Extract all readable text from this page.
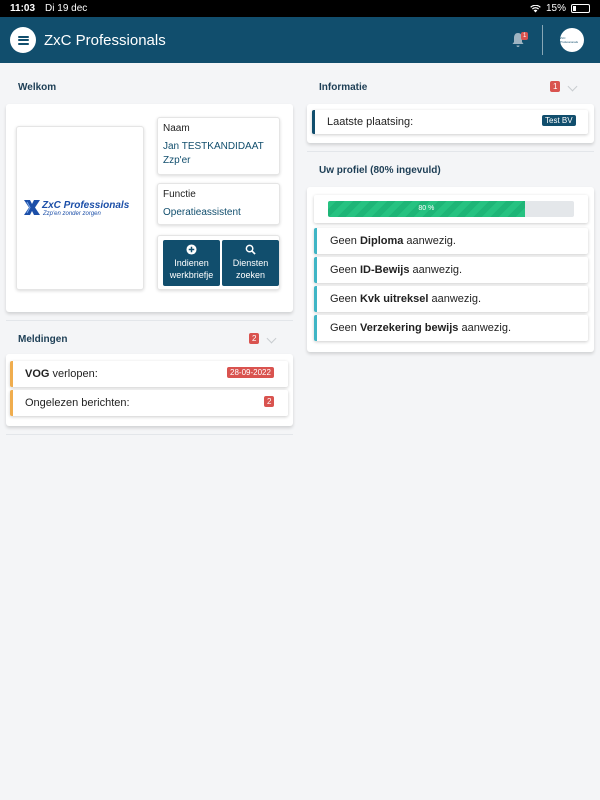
11:03 Di 19 dec	15%
ZxC Professionals	1	ZxC Professionals
Welkom
ZxC Professionals
Zzp'en zonder zorgen
Naam
Jan TESTKANDIDAAT
Zzp'er
Functie
Operatieassistent
Indienen
werkbriefje
Diensten
zoeken
Meldingen	2
VOG verlopen:	28-09-2022
Ongelezen berichten:	2
Informatie	1
Laatste plaatsing:	Test BV
Uw profiel (80% ingevuld)
80 %
Geen Diploma aanwezig.
Geen ID-Bewijs aanwezig.
Geen Kvk uitreksel aanwezig.
Geen Verzekering bewijs aanwezig.
